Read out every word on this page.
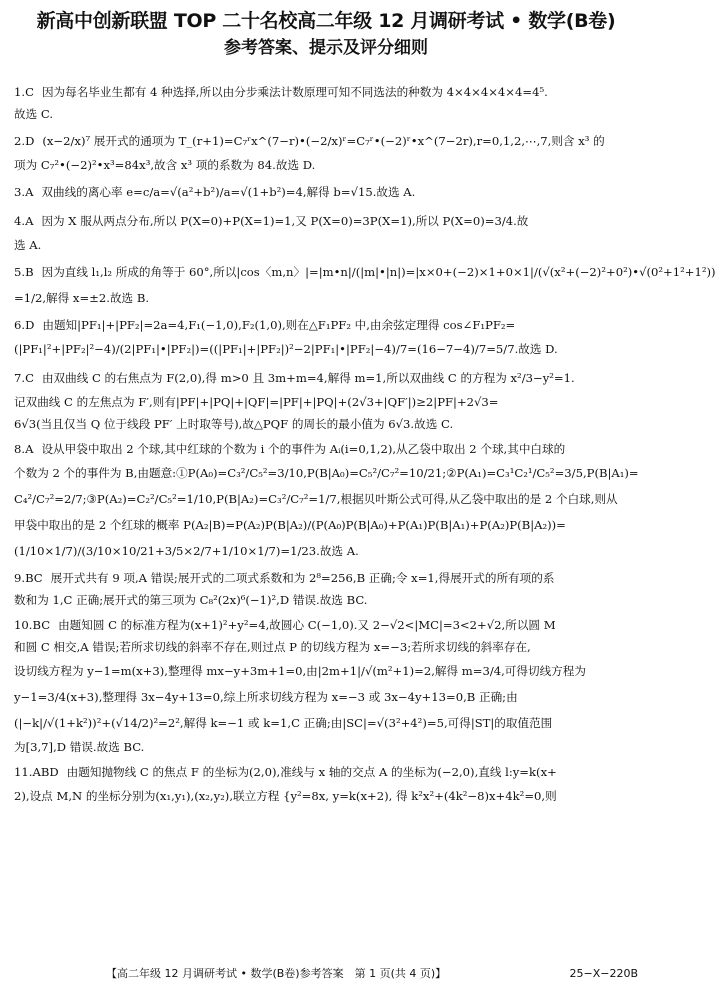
新高中创新联盟 TOP 二十名校高二年级 12 月调研考试 • 数学(B卷)
参考答案、提示及评分细则
1.C 因为每名毕业生都有 4 种选择,所以由分步乘法计数原理可知不同选法的种数为 4×4×4×4×4=4⁵.
故选 C.
2.D (x−2/x)⁷ 展开式的通项为 T_(r+1)=C₇ʳx^(7−r)•(−2/x)ʳ=C₇ʳ•(−2)ʳ•x^(7−2r),r=0,1,2,⋯,7,则含 x³ 的
项为 C₇²•(−2)²•x³=84x³,故含 x³ 项的系数为 84.故选 D.
3.A 双曲线的离心率 e=c/a=√(a²+b²)/a=√(1+b²)=4,解得 b=√15.故选 A.
4.A 因为 X 服从两点分布,所以 P(X=0)+P(X=1)=1,又 P(X=0)=3P(X=1),所以 P(X=0)=3/4.故
选 A.
5.B 因为直线 l₁,l₂ 所成的角等于 60°,所以|cos〈m,n〉|=|m•n|/(|m|•|n|)=|x×0+(−2)×1+0×1|/(√(x²+(−2)²+0²)•√(0²+1²+1²))
=1/2,解得 x=±2.故选 B.
6.D 由题知|PF₁|+|PF₂|=2a=4,F₁(−1,0),F₂(1,0),则在△F₁PF₂ 中,由余弦定理得 cos∠F₁PF₂=
(|PF₁|²+|PF₂|²−4)/(2|PF₁|•|PF₂|)=((|PF₁|+|PF₂|)²−2|PF₁|•|PF₂|−4)/7=(16−7−4)/7=5/7.故选 D.
7.C 由双曲线 C 的右焦点为 F(2,0),得 m>0 且 3m+m=4,解得 m=1,所以双曲线 C 的方程为 x²/3−y²=1.
记双曲线 C 的左焦点为 F′,则有|PF|+|PQ|+|QF|=|PF|+|PQ|+(2√3+|QF′|)≥2|PF|+2√3=
6√3(当且仅当 Q 位于线段 PF′ 上时取等号),故△PQF 的周长的最小值为 6√3.故选 C.
8.A 设从甲袋中取出 2 个球,其中红球的个数为 i 个的事件为 Aᵢ(i=0,1,2),从乙袋中取出 2 个球,其中白球的
个数为 2 个的事件为 B,由题意:①P(A₀)=C₃²/C₅²=3/10,P(B|A₀)=C₅²/C₇²=10/21;②P(A₁)=C₃¹C₂¹/C₅²=3/5,P(B|A₁)=
C₄²/C₇²=2/7;③P(A₂)=C₂²/C₅²=1/10,P(B|A₂)=C₃²/C₇²=1/7,根据贝叶斯公式可得,从乙袋中取出的是 2 个白球,则从
甲袋中取出的是 2 个红球的概率 P(A₂|B)=P(A₂)P(B|A₂)/(P(A₀)P(B|A₀)+P(A₁)P(B|A₁)+P(A₂)P(B|A₂))=
(1/10×1/7)/(3/10×10/21+3/5×2/7+1/10×1/7)=1/23.故选 A.
9.BC 展开式共有 9 项,A 错误;展开式的二项式系数和为 2⁸=256,B 正确;令 x=1,得展开式的所有项的系
数和为 1,C 正确;展开式的第三项为 C₈²(2x)⁶(−1)²,D 错误.故选 BC.
10.BC 由题知圆 C 的标准方程为(x+1)²+y²=4,故圆心 C(−1,0).又 2−√2<|MC|=3<2+√2,所以圆 M
和圆 C 相交,A 错误;若所求切线的斜率不存在,则过点 P 的切线方程为 x=−3;若所求切线的斜率存在,
设切线方程为 y−1=m(x+3),整理得 mx−y+3m+1=0,由|2m+1|/√(m²+1)=2,解得 m=3/4,可得切线方程为
y−1=3/4(x+3),整理得 3x−4y+13=0,综上所求切线方程为 x=−3 或 3x−4y+13=0,B 正确;由
(|−k|/√(1+k²))²+(√14/2)²=2²,解得 k=−1 或 k=1,C 正确;由|SC|=√(3²+4²)=5,可得|ST|的取值范围
为[3,7],D 错误.故选 BC.
11.ABD 由题知抛物线 C 的焦点 F 的坐标为(2,0),准线与 x 轴的交点 A 的坐标为(−2,0),直线 l:y=k(x+
2),设点 M,N 的坐标分别为(x₁,y₁),(x₂,y₂),联立方程 {y²=8x, y=k(x+2), 得 k²x²+(4k²−8)x+4k²=0,则
【高二年级 12 月调研考试 • 数学(B卷)参考答案　第 1 页(共 4 页)】	25−X−220B
